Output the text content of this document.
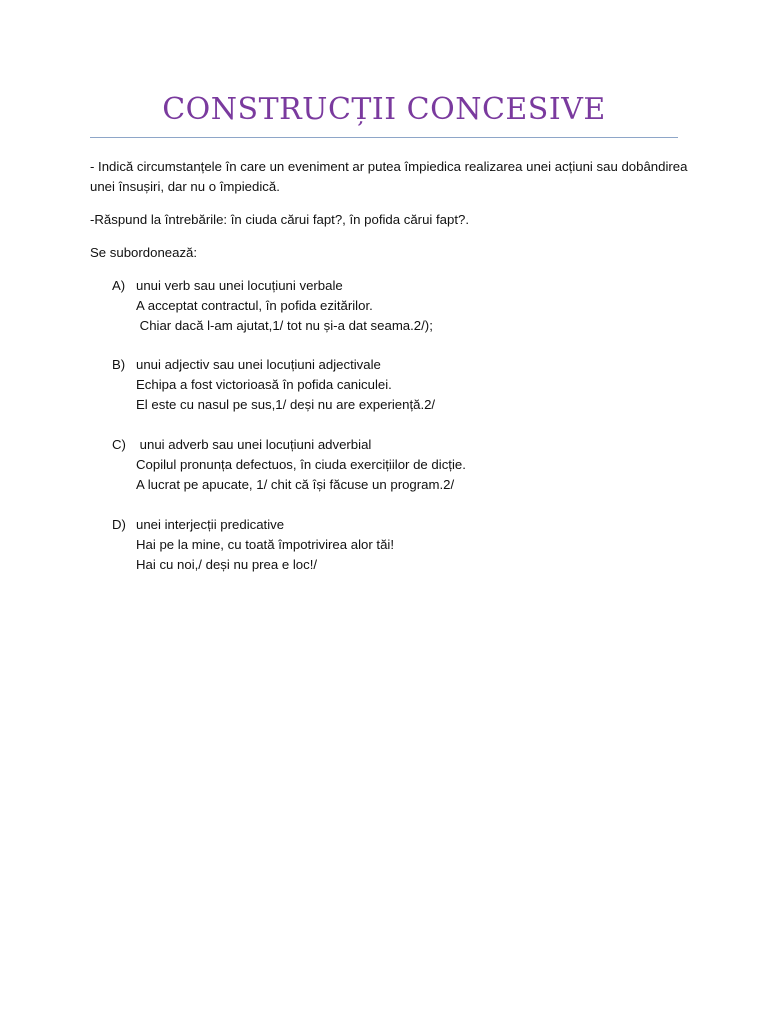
CONSTRUCȚII CONCESIVE
- Indică circumstanțele în care un eveniment ar putea împiedica realizarea unei acțiuni sau dobândirea
unei însușiri, dar nu o împiedică.
-Răspund la întrebările: în ciuda cărui fapt?, în pofida cărui fapt?.
Se subordonează:
A) unui verb sau unei locuțiuni verbale
A acceptat contractul, în pofida ezitărilor.
Chiar dacă l-am ajutat,1/ tot nu și-a dat seama.2/);
B) unui adjectiv sau unei locuțiuni adjectivale
Echipa a fost victorioasă în pofida caniculei.
El este cu nasul pe sus,1/ deși nu are experiență.2/
C) unui adverb sau unei locuțiuni adverbial
Copilul pronunța defectuos, în ciuda exercițiilor de dicție.
A lucrat pe apucate, 1/ chit că își făcuse un program.2/
D) unei interjecții predicative
Hai pe la mine, cu toată împotrivirea alor tăi!
Hai cu noi,/ deși nu prea e loc!/
